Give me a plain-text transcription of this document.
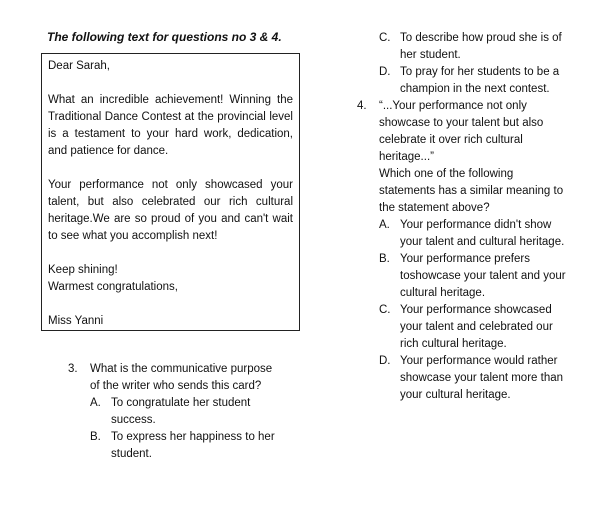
The following text for questions no 3 & 4.

Dear Sarah,

What an incredible achievement! Winning the Traditional Dance Contest at the provincial level is a testament to your hard work, dedication, and patience for dance.

Your performance not only showcased your talent, but also celebrated our rich cultural heritage.We are so proud of you and can't wait to see what you accomplish next!

Keep shining!

Warmest congratulations,

Miss Yanni

3. What is the communicative purpose
of the writer who sends this card?
A. To congratulate her student
success.
B. To express her happiness to her
student.
C. To describe how proud she is of
her student.
D. To pray for her students to be a
champion in the next contest.
4. “...Your performance not only
showcase to your talent but also
celebrate it over rich cultural
heritage...”
Which one of the following
statements has a similar meaning to
the statement above?
A. Your performance didn't show
your talent and cultural heritage.
B. Your performance prefers
toshowcase your talent and your
cultural heritage.
C. Your performance showcased
your talent and celebrated our
rich cultural heritage.
D. Your performance would rather
showcase your talent more than
your cultural heritage.
